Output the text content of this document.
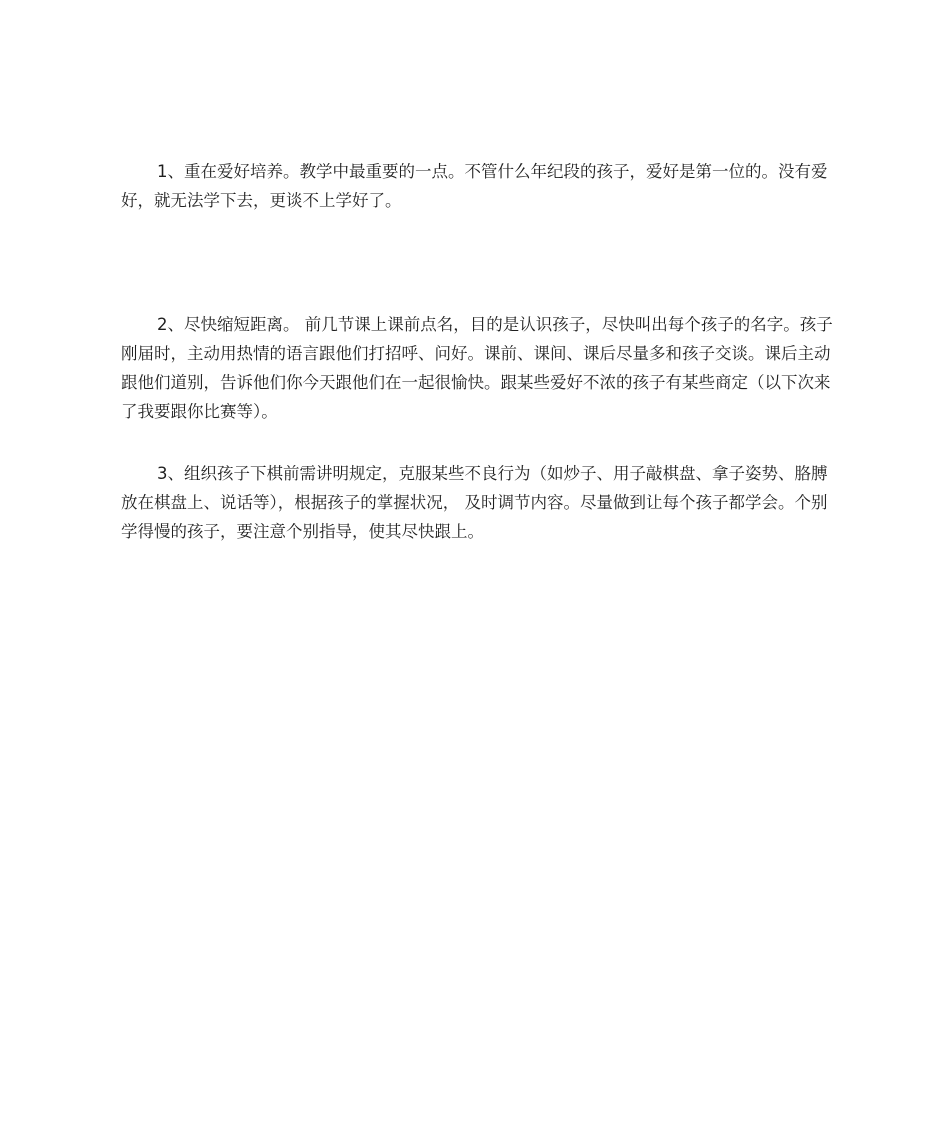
1、重在爱好培养。教学中最重要的一点。不管什么年纪段的孩子，爱好是第一位的。没有爱好，就无法学下去，更谈不上学好了。

2、尽快缩短距离。 前几节课上课前点名，目的是认识孩子，尽快叫出每个孩子的名字。孩子刚届时，主动用热情的语言跟他们打招呼、问好。课前、课间、课后尽量多和孩子交谈。课后主动跟他们道别，告诉他们你今天跟他们在一起很愉快。跟某些爱好不浓的孩子有某些商定（以下次来了我要跟你比赛等）。

3、组织孩子下棋前需讲明规定，克服某些不良行为（如炒子、用子敲棋盘、拿子姿势、胳膊放在棋盘上、说话等），根据孩子的掌握状况， 及时调节内容。尽量做到让每个孩子都学会。个别学得慢的孩子，要注意个别指导，使其尽快跟上。
